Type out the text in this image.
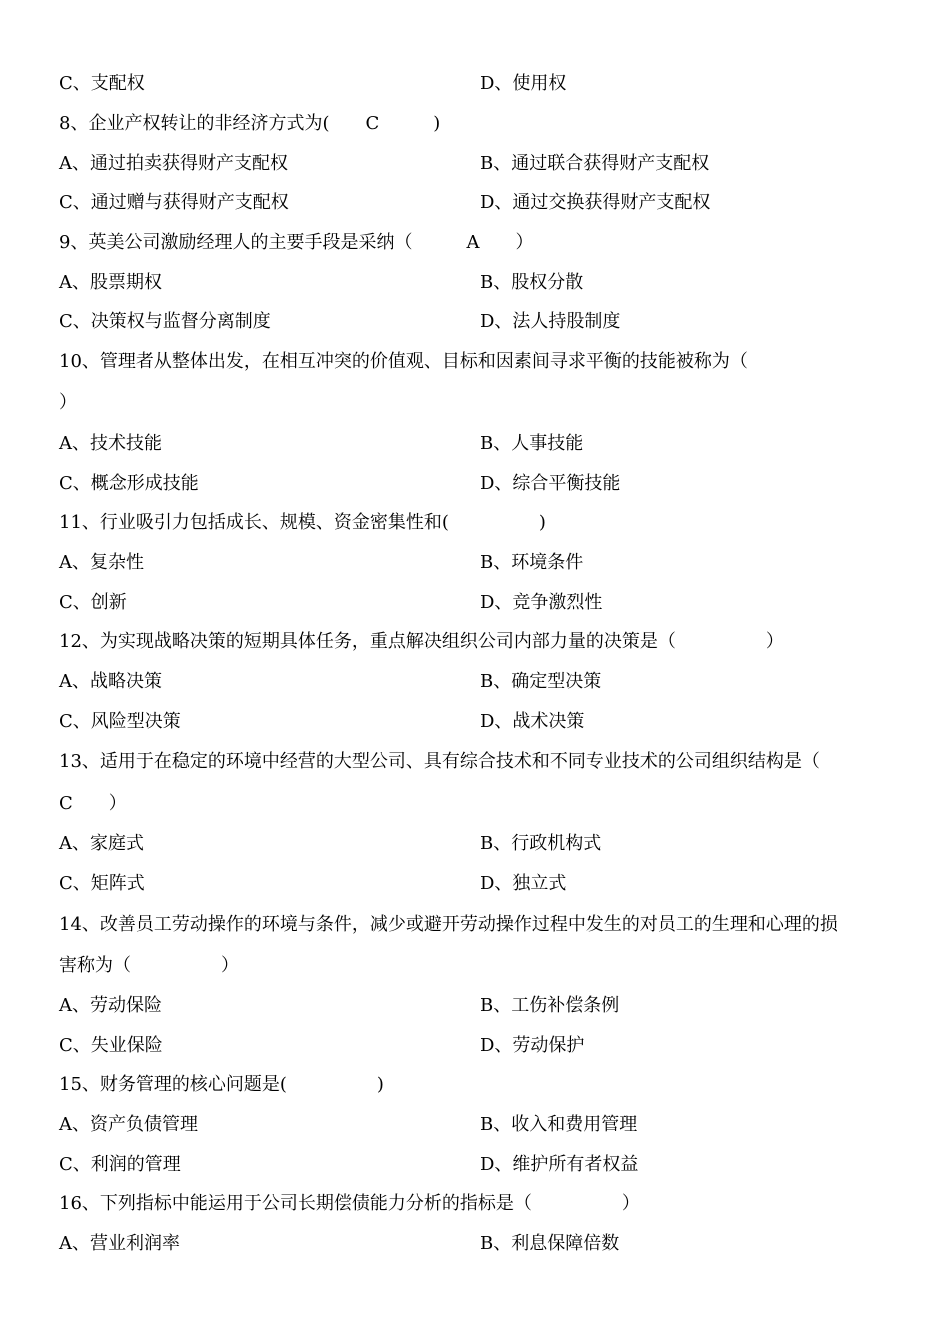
C、支配权	D、使用权
8、企业产权转让的非经济方式为(　　C　　　)
A、通过拍卖获得财产支配权	B、通过联合获得财产支配权
C、通过赠与获得财产支配权	D、通过交换获得财产支配权
9、英美公司激励经理人的主要手段是采纳（　　　A　　）
A、股票期权	B、股权分散
C、决策权与监督分离制度	D、法人持股制度
10、管理者从整体出发，在相互冲突的价值观、目标和因素间寻求平衡的技能被称为（
）
A、技术技能	B、人事技能
C、概念形成技能	D、综合平衡技能
11、行业吸引力包括成长、规模、资金密集性和(　　　　　)
A、复杂性	B、环境条件
C、创新	D、竞争激烈性
12、为实现战略决策的短期具体任务，重点解决组织公司内部力量的决策是（　　　　　）
A、战略决策	B、确定型决策
C、风险型决策	D、战术决策
13、适用于在稳定的环境中经营的大型公司、具有综合技术和不同专业技术的公司组织结构是（
C　　）
A、家庭式	B、行政机构式
C、矩阵式	D、独立式
14、改善员工劳动操作的环境与条件，减少或避开劳动操作过程中发生的对员工的生理和心理的损
害称为（　　　　　）
A、劳动保险	B、工伤补偿条例
C、失业保险	D、劳动保护
15、财务管理的核心问题是(　　　　　)
A、资产负债管理	B、收入和费用管理
C、利润的管理	D、维护所有者权益
16、下列指标中能运用于公司长期偿债能力分析的指标是（　　　　　）
A、营业利润率	B、利息保障倍数
